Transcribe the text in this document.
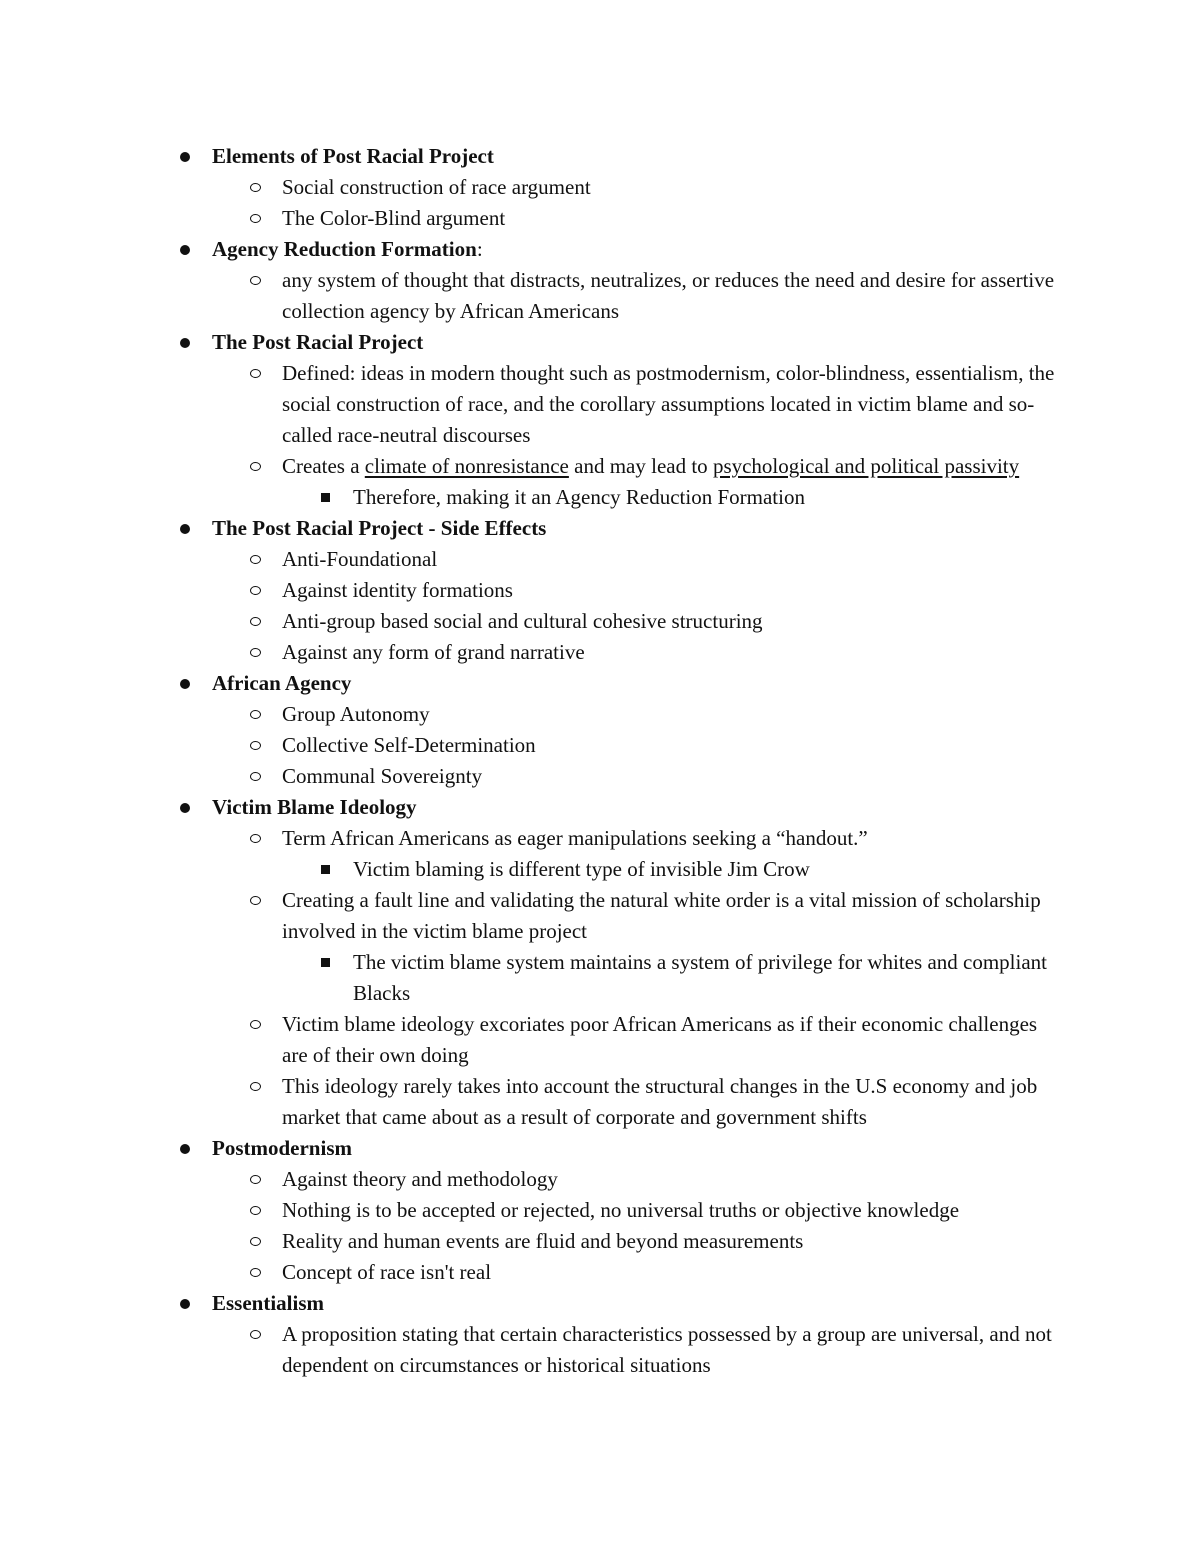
Elements of Post Racial Project
Social construction of race argument
The Color-Blind argument
Agency Reduction Formation:
any system of thought that distracts, neutralizes, or reduces the need and desire for assertive collection agency by African Americans
The Post Racial Project
Defined: ideas in modern thought such as postmodernism, color-blindness, essentialism, the social construction of race, and the corollary assumptions located in victim blame and so-called race-neutral discourses
Creates a climate of nonresistance and may lead to psychological and political passivity
Therefore, making it an Agency Reduction Formation
The Post Racial Project - Side Effects
Anti-Foundational
Against identity formations
Anti-group based social and cultural cohesive structuring
Against any form of grand narrative
African Agency
Group Autonomy
Collective Self-Determination
Communal Sovereignty
Victim Blame Ideology
Term African Americans as eager manipulations seeking a “handout.”
Victim blaming is different type of invisible Jim Crow
Creating a fault line and validating the natural white order is a vital mission of scholarship involved in the victim blame project
The victim blame system maintains a system of privilege for whites and compliant Blacks
Victim blame ideology excoriates poor African Americans as if their economic challenges are of their own doing
This ideology rarely takes into account the structural changes in the U.S economy and job market that came about as a result of corporate and government shifts
Postmodernism
Against theory and methodology
Nothing is to be accepted or rejected, no universal truths or objective knowledge
Reality and human events are fluid and beyond measurements
Concept of race isn't real
Essentialism
A proposition stating that certain characteristics possessed by a group are universal, and not dependent on circumstances or historical situations
